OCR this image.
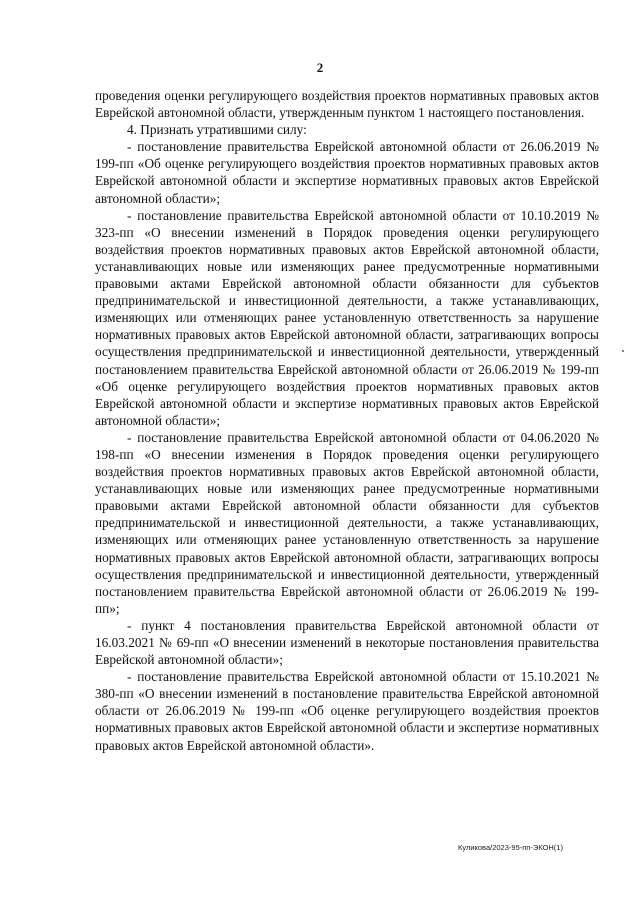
2

проведения оценки регулирующего воздействия проектов нормативных правовых актов Еврейской автономной области, утвержденным пунктом 1 настоящего постановления.

4. Признать утратившими силу:

- постановление правительства Еврейской автономной области от 26.06.2019 № 199-пп «Об оценке регулирующего воздействия проектов нормативных правовых актов Еврейской автономной области и экспертизе нормативных правовых актов Еврейской автономной области»;

- постановление правительства Еврейской автономной области от 10.10.2019 № 323-пп «О внесении изменений в Порядок проведения оценки регулирующего воздействия проектов нормативных правовых актов Еврейской автономной области, устанавливающих новые или изменяющих ранее предусмотренные нормативными правовыми актами Еврейской автономной области обязанности для субъектов предпринимательской и инвестиционной деятельности, а также устанавливающих, изменяющих или отменяющих ранее установленную ответственность за нарушение нормативных правовых актов Еврейской автономной области, затрагивающих вопросы осуществления предпринимательской и инвестиционной деятельности, утвержденный постановлением правительства Еврейской автономной области от 26.06.2019 № 199-пп «Об оценке регулирующего воздействия проектов нормативных правовых актов Еврейской автономной области и экспертизе нормативных правовых актов Еврейской автономной области»;

- постановление правительства Еврейской автономной области от 04.06.2020 № 198-пп «О внесении изменения в Порядок проведения оценки регулирующего воздействия проектов нормативных правовых актов Еврейской автономной области, устанавливающих новые или изменяющих ранее предусмотренные нормативными правовыми актами Еврейской автономной области обязанности для субъектов предпринимательской и инвестиционной деятельности, а также устанавливающих, изменяющих или отменяющих ранее установленную ответственность за нарушение нормативных правовых актов Еврейской автономной области, затрагивающих вопросы осуществления предпринимательской и инвестиционной деятельности, утвержденный постановлением правительства Еврейской автономной области от 26.06.2019 № 199-пп»;

- пункт 4 постановления правительства Еврейской автономной области от 16.03.2021 № 69-пп «О внесении изменений в некоторые постановления правительства Еврейской автономной области»;

- постановление правительства Еврейской автономной области от 15.10.2021 № 380-пп «О внесении изменений в постановление правительства Еврейской автономной области от 26.06.2019 № 199-пп «Об оценке регулирующего воздействия проектов нормативных правовых актов Еврейской автономной области и экспертизе нормативных правовых актов Еврейской автономной области».

Куликова/2023-95-пп-ЭКОН(1)
